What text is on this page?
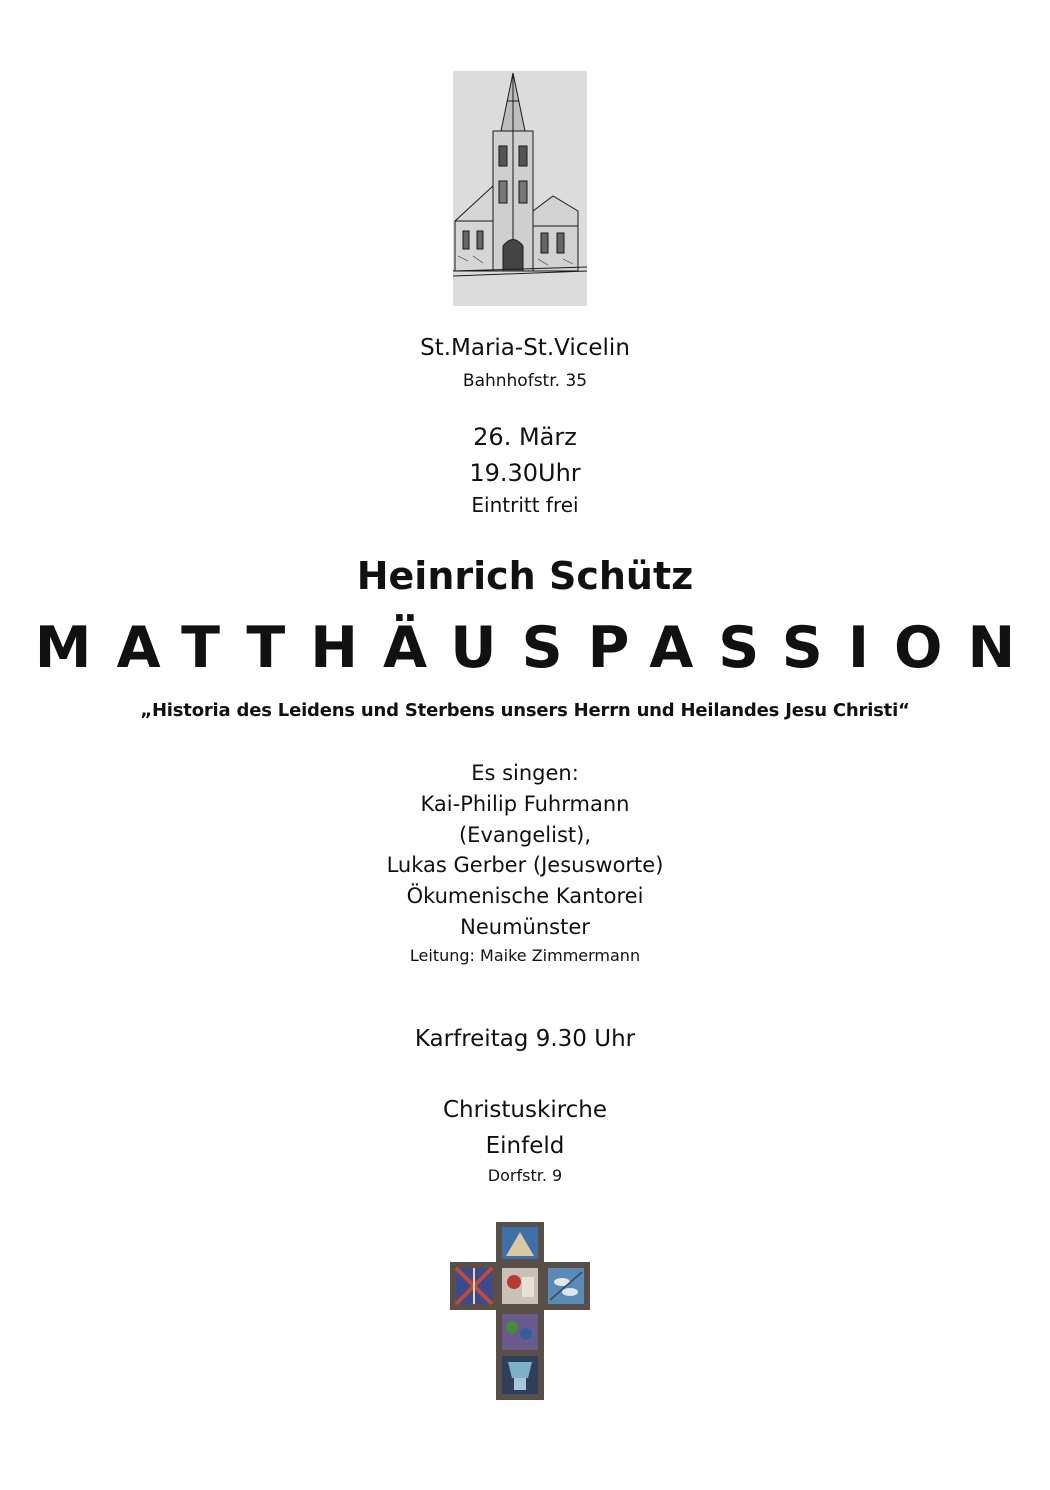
St.Maria-St.Vicelin
Bahnhofstr. 35
26. März
19.30Uhr
Eintritt frei
Heinrich Schütz
MATTHÄUSPASSION
„Historia des Leidens und Sterbens unsers Herrn und Heilandes Jesu Christi“
Es singen:
Kai-Philip Fuhrmann
(Evangelist),
Lukas Gerber (Jesusworte)
Ökumenische Kantorei
Neumünster
Leitung: Maike Zimmermann
Karfreitag 9.30 Uhr
Christuskirche
Einfeld
Dorfstr. 9
